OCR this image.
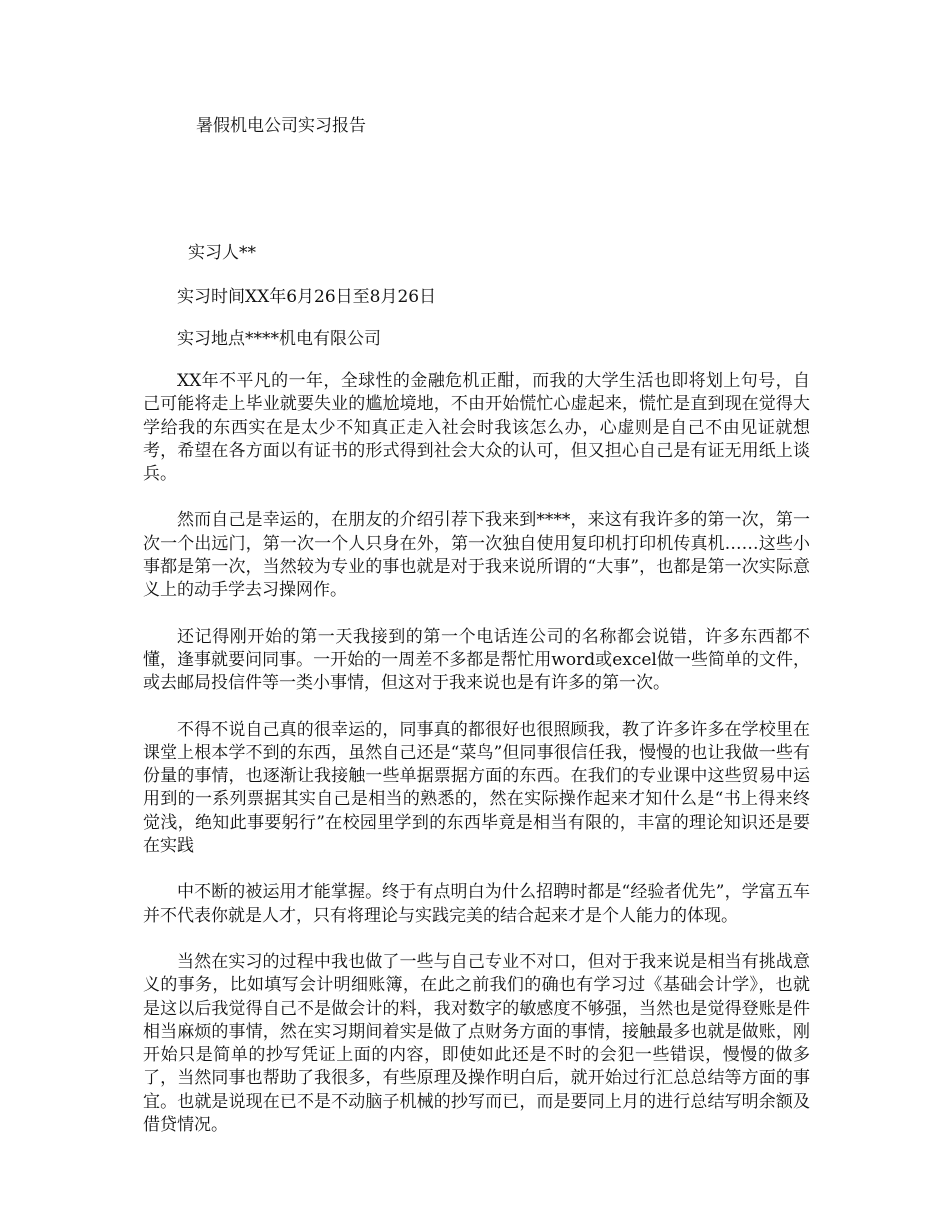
暑假机电公司实习报告
实习人**
实习时间XX年6月26日至8月26日
实习地点****机电有限公司

XX年不平凡的一年，全球性的金融危机正酣，而我的大学生活也即将划上句号，自己可能将走上毕业就要失业的尴尬境地，不由开始慌忙心虚起来，慌忙是直到现在觉得大学给我的东西实在是太少不知真正走入社会时我该怎么办，心虚则是自己不由见证就想考，希望在各方面以有证书的形式得到社会大众的认可，但又担心自己是有证无用纸上谈兵。

然而自己是幸运的，在朋友的介绍引荐下我来到****，来这有我许多的第一次，第一次一个出远门，第一次一个人只身在外，第一次独自使用复印机打印机传真机……这些小事都是第一次，当然较为专业的事也就是对于我来说所谓的“大事”，也都是第一次实际意义上的动手学去习操网作。

还记得刚开始的第一天我接到的第一个电话连公司的名称都会说错，许多东西都不懂，逢事就要问同事。一开始的一周差不多都是帮忙用word或excel做一些简单的文件，或去邮局投信件等一类小事情，但这对于我来说也是有许多的第一次。

不得不说自己真的很幸运的，同事真的都很好也很照顾我，教了许多许多在学校里在课堂上根本学不到的东西，虽然自己还是“菜鸟”但同事很信任我，慢慢的也让我做一些有份量的事情，也逐渐让我接触一些单据票据方面的东西。在我们的专业课中这些贸易中运用到的一系列票据其实自己是相当的熟悉的，然在实际操作起来才知什么是“书上得来终觉浅，绝知此事要躬行”在校园里学到的东西毕竟是相当有限的，丰富的理论知识还是要在实践

中不断的被运用才能掌握。终于有点明白为什么招聘时都是“经验者优先”，学富五车并不代表你就是人才，只有将理论与实践完美的结合起来才是个人能力的体现。

当然在实习的过程中我也做了一些与自己专业不对口，但对于我来说是相当有挑战意义的事务，比如填写会计明细账簿，在此之前我们的确也有学习过《基础会计学》，也就是这以后我觉得自己不是做会计的料，我对数字的敏感度不够强，当然也是觉得登账是件相当麻烦的事情，然在实习期间着实是做了点财务方面的事情，接触最多也就是做账，刚开始只是简单的抄写凭证上面的内容，即使如此还是不时的会犯一些错误，慢慢的做多了，当然同事也帮助了我很多，有些原理及操作明白后，就开始过行汇总总结等方面的事宜。也就是说现在已不是不动脑子机械的抄写而已，而是要同上月的进行总结写明余额及借贷情况。
